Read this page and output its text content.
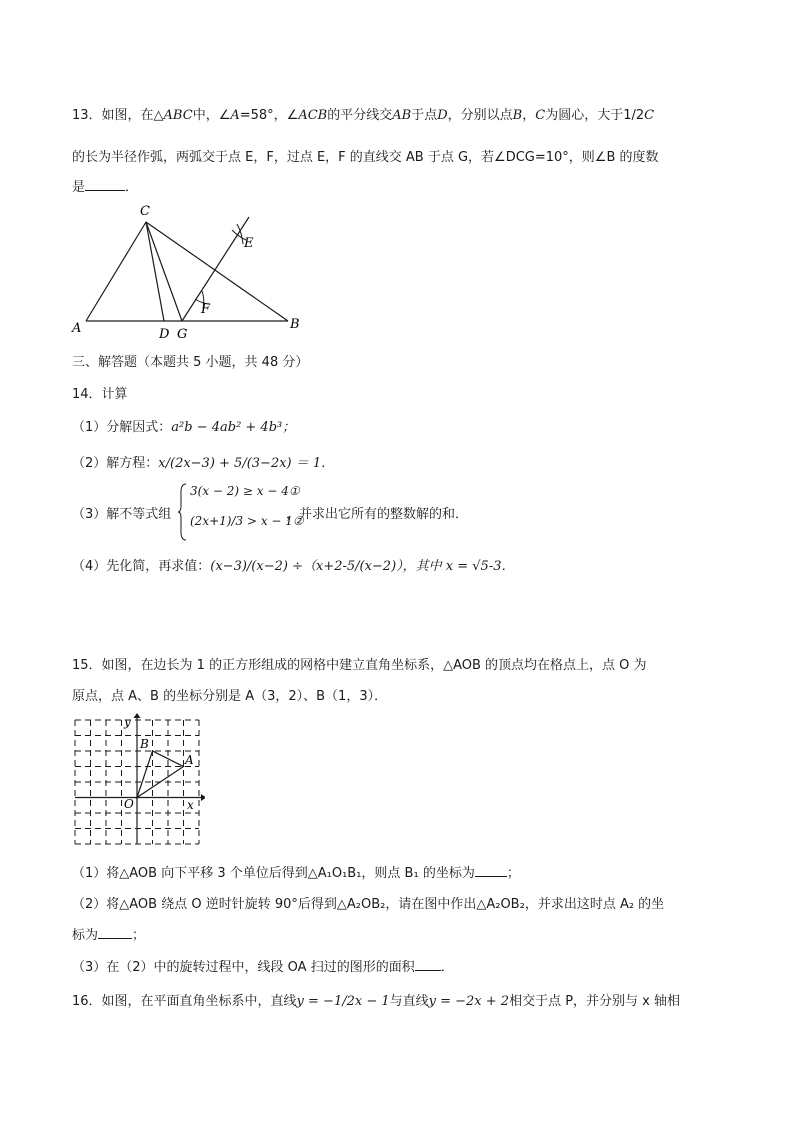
13．如图，在△ABC中，∠A=58°，∠ACB的平分线交AB于点D，分别以点B，C为圆心，大于1/2C
的长为半径作弧，两弧交于点 E，F，过点 E，F 的直线交 AB 于点 G，若∠DCG=10°，则∠B 的度数
是	．
C
E
F
A	D G
B
三、解答题（本题共 5 小题，共 48 分）
14．计算
（1）分解因式：a²b − 4ab² + 4b³；
（2）解方程：x/(2x−3) + 5/(3−2x) ＝ 1．
（3）解不等式组
3(x − 2) ≥ x − 4①
(2x+1)/3 > x − 1②
，并求出它所有的整数解的和．
（4）先化简，再求值：(x−3)/(x−2) ÷（x+2-5/(x−2)），其中 x = √5-3．
15．如图，在边长为 1 的正方形组成的网格中建立直角坐标系，△AOB 的顶点均在格点上，点 O 为
原点，点 A、B 的坐标分别是 A（3，2）、B（1，3）．
y
x
O
A
B
（1）将△AOB 向下平移 3 个单位后得到△A₁O₁B₁，则点 B₁ 的坐标为 ；
（2）将△AOB 绕点 O 逆时针旋转 90°后得到△A₂OB₂，请在图中作出△A₂OB₂，并求出这时点 A₂ 的坐
标为	；
（3）在（2）中的旋转过程中，线段 OA 扫过的图形的面积 ．
16．如图，在平面直角坐标系中，直线y = −1/2x − 1与直线y = −2x + 2相交于点 P，并分别与 x 轴相
